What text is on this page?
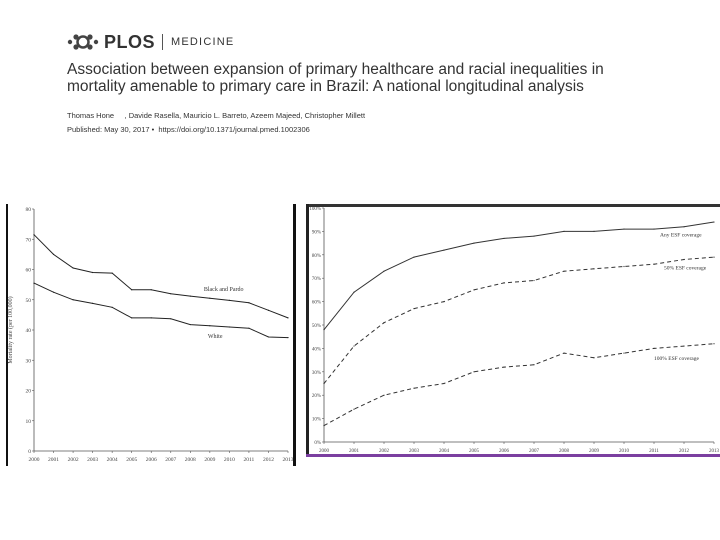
PLOS MEDICINE
Association between expansion of primary healthcare and racial inequalities in mortality amenable to primary care in Brazil: A national longitudinal analysis
Thomas Hone     , Davide Rasella, Mauricio L. Barreto, Azeem Majeed, Christopher Millett
Published: May 30, 2017 •  https://doi.org/10.1371/journal.pmed.1002306
0
10
20
30
40
50
60
70
80
2000 2001 2002 2003 2004 2005 2006 2007 2008 2009 2010 2011 2012 2013
Mortality rate (per 100,000)
Black and Pardo
White
0%
10%
20%
30%
40%
50%
60%
70%
80%
90%
100%
2000	2001	2002	2003	2004	2005	2006	2007	2008	2009	2010	2011	2012	2013
Any ESF coverage
50% ESF coverage
100% ESF coverage
